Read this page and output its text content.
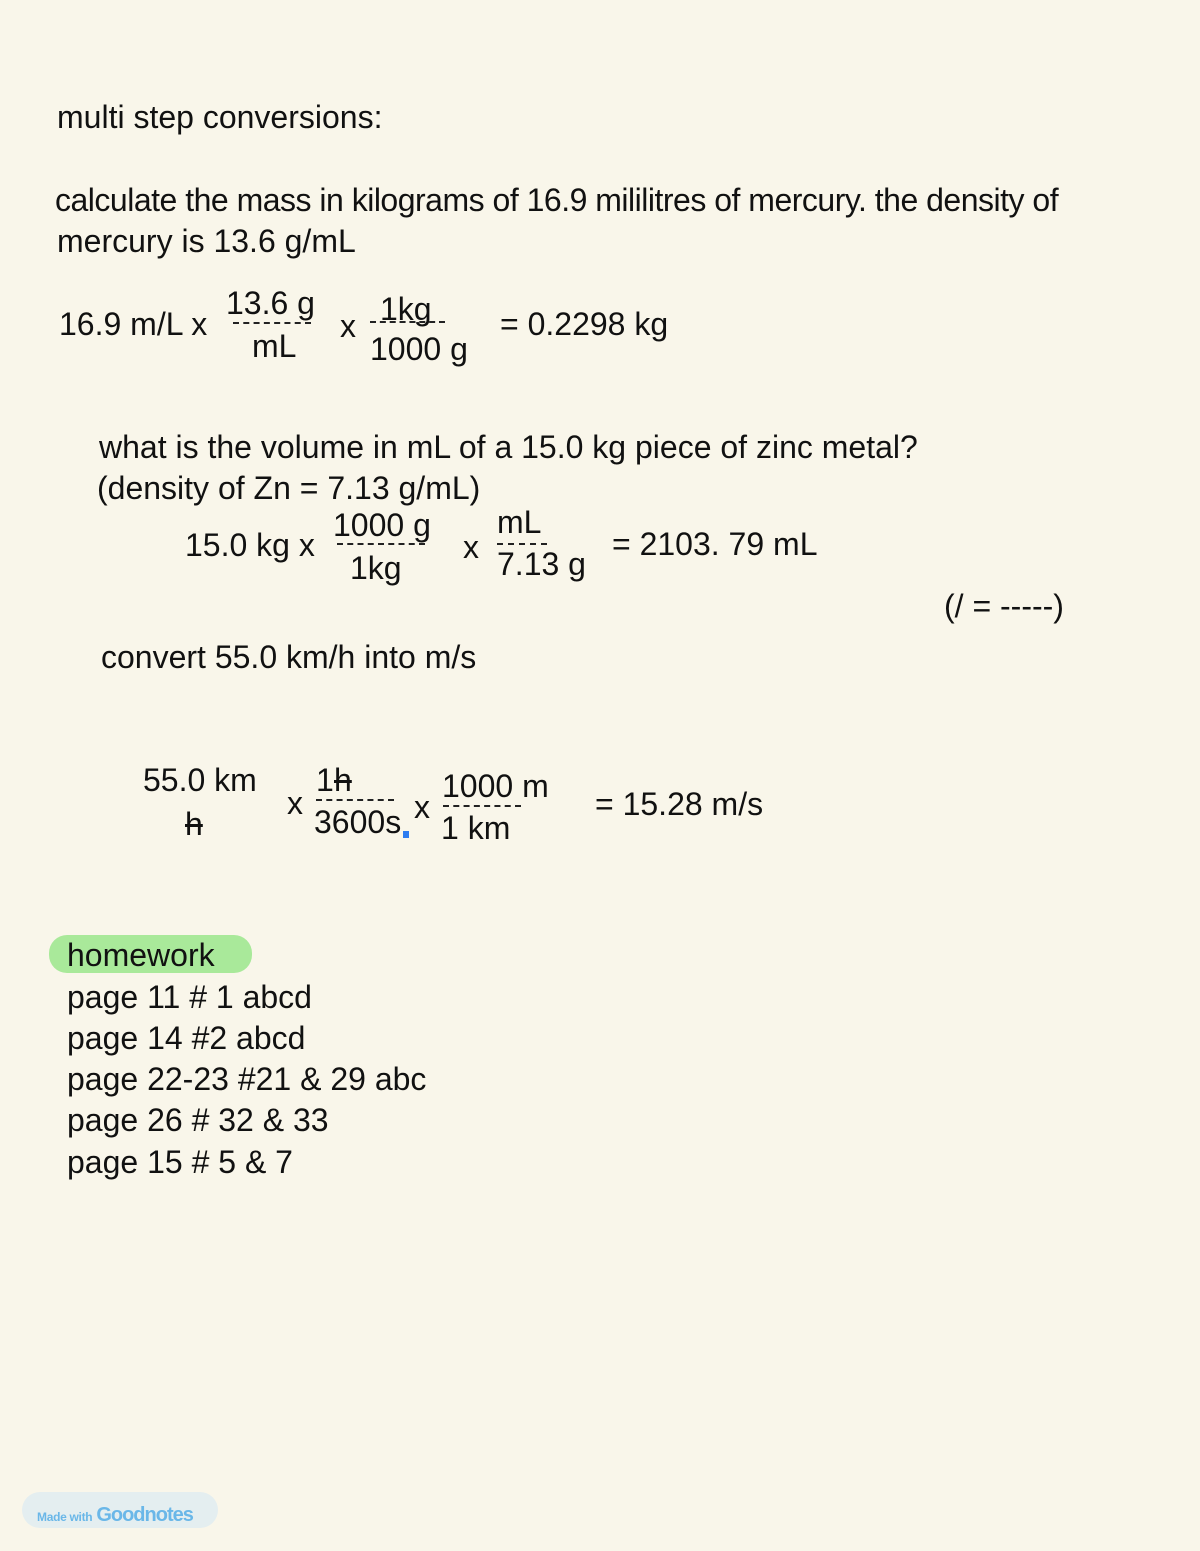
multi step conversions:
calculate the mass in kilograms of 16.9 mililitres of mercury. the density of
mercury is 13.6 g/mL
16.9 m/L x
13.6 g
mL
x 1kg
1000 g
= 0.2298 kg
what is the volume in mL of a 15.0 kg piece of zinc metal?
(density of Zn = 7.13 g/mL)
15.0 kg x
1000 g
1kg
x
mL
7.13 g
= 2103. 79 mL
(/ = -----)
convert 55.0 km/h into m/s
55.0 km
h
x
1 h
3600s x
1000 m
1 km
= 15.28 m/s
homework
page 11 # 1 abcd
page 14 #2 abcd
page 22-23 #21 & 29 abc
page 26 # 32 & 33
page 15 # 5 & 7
Made with Goodnotes
